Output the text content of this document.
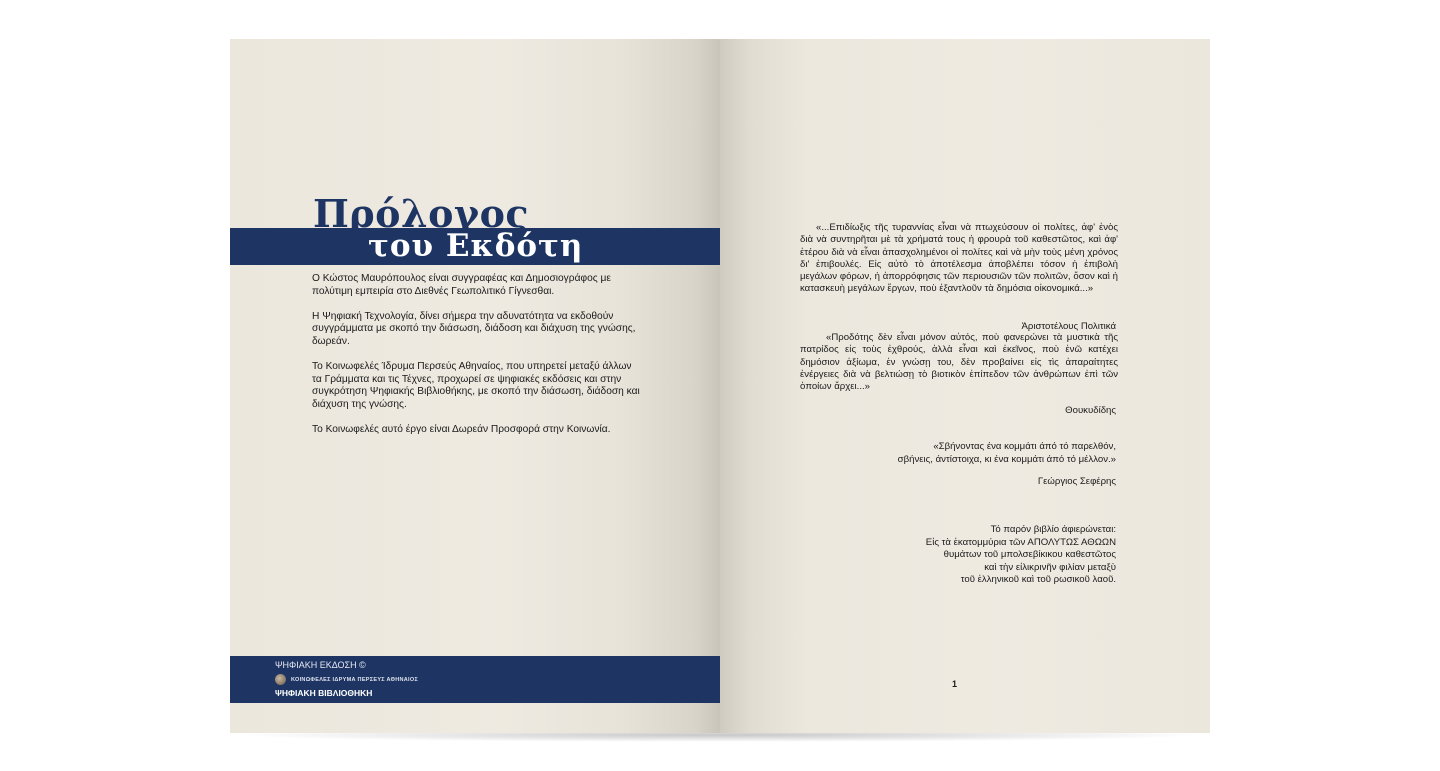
Πρόλογος
του Εκδότη

Ο Κώστος Μαυρόπουλος είναι συγγραφέας και Δημοσιογράφος με πολύτιμη εμπειρία στο Διεθνές Γεωπολιτικό Γίγνεσθαι.

Η Ψηφιακή Τεχνολογία, δίνει σήμερα την αδυνατότητα να εκδοθούν συγγράμματα με σκοπό την διάσωση, διάδοση και διάχυση της γνώσης, δωρεάν.

Το Κοινωφελές Ίδρυμα Περσεύς Αθηναίος, που υπηρετεί μεταξύ άλλων τα Γράμματα και τις Τέχνες, προχωρεί σε ψηφιακές εκδόσεις και στην συγκρότηση Ψηφιακής Βιβλιοθήκης, με σκοπό την διάσωση, διάδοση και διάχυση της γνώσης.

Το Κοινωφελές αυτό έργο είναι Δωρεάν Προσφορά στην Κοινωνία.

ΨΗΦΙΑΚΗ ΕΚΔΟΣΗ ©
ΚΟΙΝΩΦΕΛΕΣ ΙΔΡΥΜΑ ΠΕΡΣΕΥΣ ΑΘΗΝΑΙΟΣ
ΨΗΦΙΑΚΗ ΒΙΒΛΙΟΘΗΚΗ
«...Επιδίωξις τῆς τυραννίας εἶναι νὰ πτωχεύσουν οἱ πολίτες, ἀφ' ἑνὸς διὰ νὰ συντηρῆται μὲ τὰ χρήματά τους ἡ φρουρὰ τοῦ καθεστῶτος, καὶ ἀφ' ἑτέρου διὰ νὰ εἶναι ἀπασχολημένοι οἱ πολίτες καὶ νὰ μὴν τοὺς μένη χρόνος δι' ἐπιβουλές. Εἰς αὐτὸ τὸ ἀποτέλεσμα ἀποβλέπει τόσον ἡ ἐπιβολὴ μεγάλων φόρων, ἡ ἀπορρόφησις τῶν περιουσιῶν τῶν πολιτῶν, ὅσον καὶ ἡ κατασκευὴ μεγάλων ἔργων, ποὺ ἐξαντλοῦν τὰ δημόσια οἰκονομικά...»
Ἀριστοτέλους Πολιτικά
«Προδότης δὲν εἶναι μόνον αὐτός, ποὺ φανερώνει τὰ μυστικὰ τῆς πατρίδος εἰς τοὺς ἐχθρούς, ἀλλὰ εἶναι καὶ ἐκεῖνος, ποὺ ἐνῶ κατέχει δημόσιον ἀξίωμα, ἐν γνώσῃ του, δὲν προβαίνει εἰς τὶς ἀπαραίτητες ἐνέργειες διὰ νὰ βελτιώσῃ τὸ βιοτικὸν ἐπίπεδον τῶν ἀνθρώπων ἐπὶ τῶν ὁποίων ἄρχει...»
Θουκυδίδης
«Σβήνοντας ένα κομμάτι άπό τό παρελθόν,
σβήνεις, άντίστοιχα, κι ένα κομμάτι άπό τό μέλλον.»
Γεώργιος Σεφέρης
Τό παρόν βιβλίο άφιερώνεται:
Εἰς τὰ ἑκατομμύρια τῶν ΑΠΟΛΥΤΩΣ ΑΘΩΩΝ
θυμάτων τοῦ μπολσεβίκικου καθεστῶτος
καὶ τὴν εἰλικρινῆν φιλίαν μεταξὺ
τοῦ ἑλληνικοῦ καὶ τοῦ ρωσικοῦ λαοῦ.
1
